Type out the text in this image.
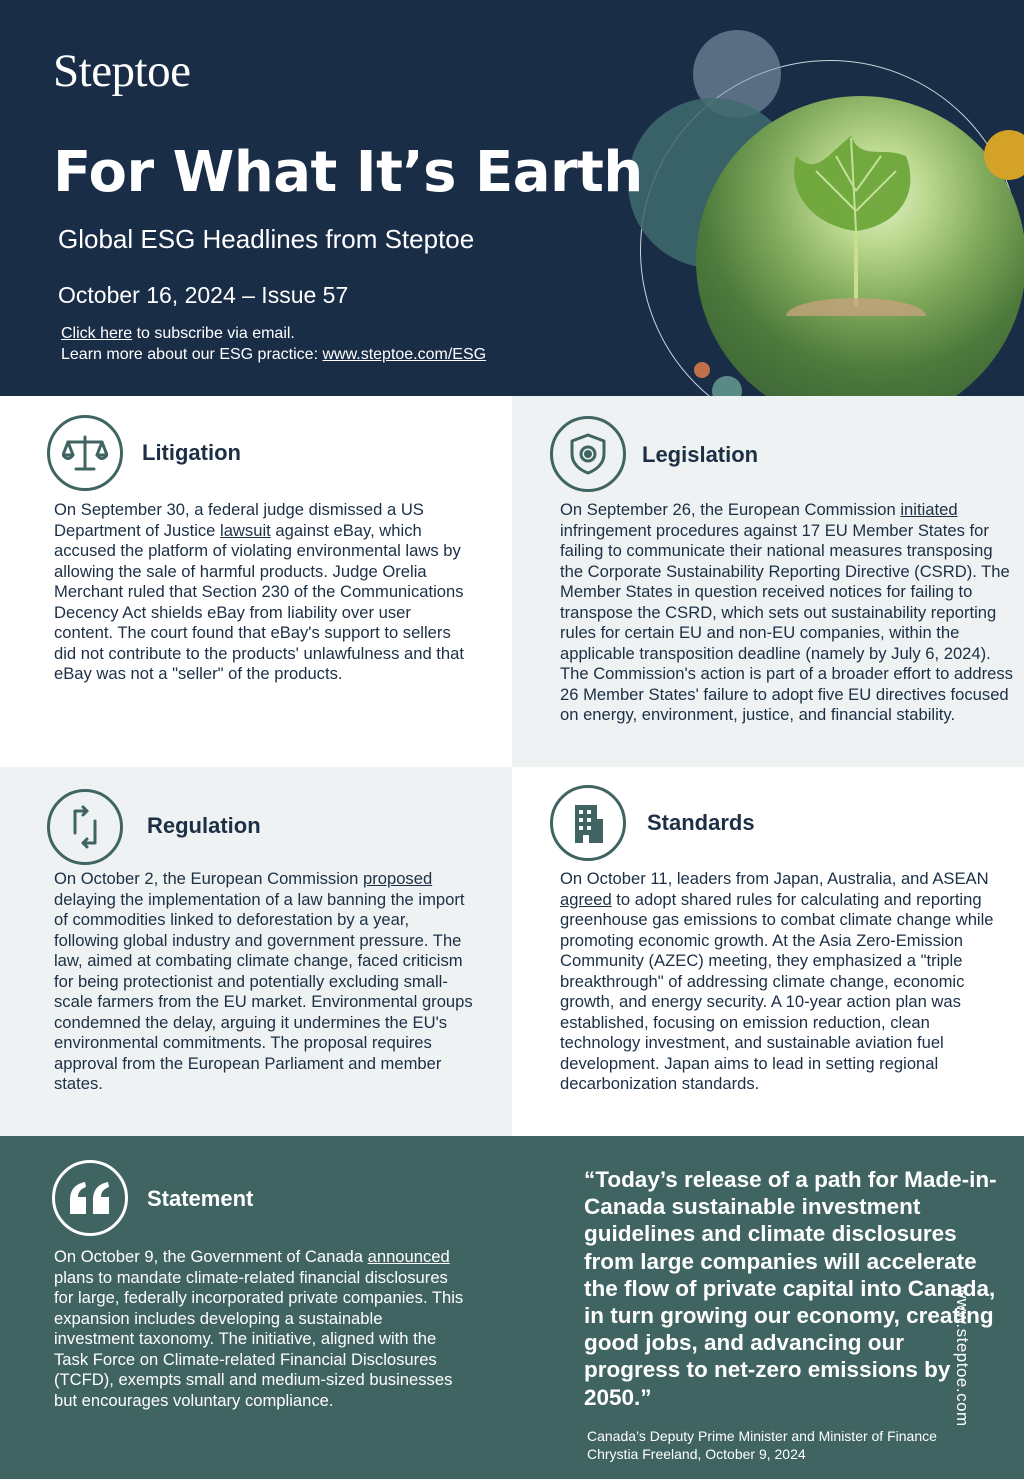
Steptoe
For What It’s Earth
Global ESG Headlines from Steptoe
October 16, 2024 – Issue 57
Click here to subscribe via email.
Learn more about our ESG practice: www.steptoe.com/ESG
Litigation
On September 30, a federal judge dismissed a US Department of Justice lawsuit against eBay, which accused the platform of violating environmental laws by allowing the sale of harmful products. Judge Orelia Merchant ruled that Section 230 of the Communications Decency Act shields eBay from liability over user content. The court found that eBay's support to sellers did not contribute to the products' unlawfulness and that eBay was not a "seller" of the products.
Legislation
On September 26, the European Commission initiated infringement procedures against 17 EU Member States for failing to communicate their national measures transposing the Corporate Sustainability Reporting Directive (CSRD). The Member States in question received notices for failing to transpose the CSRD, which sets out sustainability reporting rules for certain EU and non-EU companies, within the applicable transposition deadline (namely by July 6, 2024). The Commission's action is part of a broader effort to address 26 Member States' failure to adopt five EU directives focused on energy, environment, justice, and financial stability.
Regulation
On October 2, the European Commission proposed delaying the implementation of a law banning the import of commodities linked to deforestation by a year, following global industry and government pressure. The law, aimed at combating climate change, faced criticism for being protectionist and potentially excluding small-scale farmers from the EU market. Environmental groups condemned the delay, arguing it undermines the EU's environmental commitments. The proposal requires approval from the European Parliament and member states.
Standards
On October 11, leaders from Japan, Australia, and ASEAN agreed to adopt shared rules for calculating and reporting greenhouse gas emissions to combat climate change while promoting economic growth. At the Asia Zero-Emission Community (AZEC) meeting, they emphasized a "triple breakthrough" of addressing climate change, economic growth, and energy security. A 10-year action plan was established, focusing on emission reduction, clean technology investment, and sustainable aviation fuel development. Japan aims to lead in setting regional decarbonization standards.
Statement
On October 9, the Government of Canada announced plans to mandate climate-related financial disclosures for large, federally incorporated private companies. This expansion includes developing a sustainable investment taxonomy. The initiative, aligned with the Task Force on Climate-related Financial Disclosures (TCFD), exempts small and medium-sized businesses but encourages voluntary compliance.
“Today’s release of a path for Made-in-Canada sustainable investment guidelines and climate disclosures from large companies will accelerate the flow of private capital into Canada, in turn growing our economy, creating good jobs, and advancing our progress to net-zero emissions by 2050.”
Canada’s Deputy Prime Minister and Minister of Finance
Chrystia Freeland, October 9, 2024
www.steptoe.com
